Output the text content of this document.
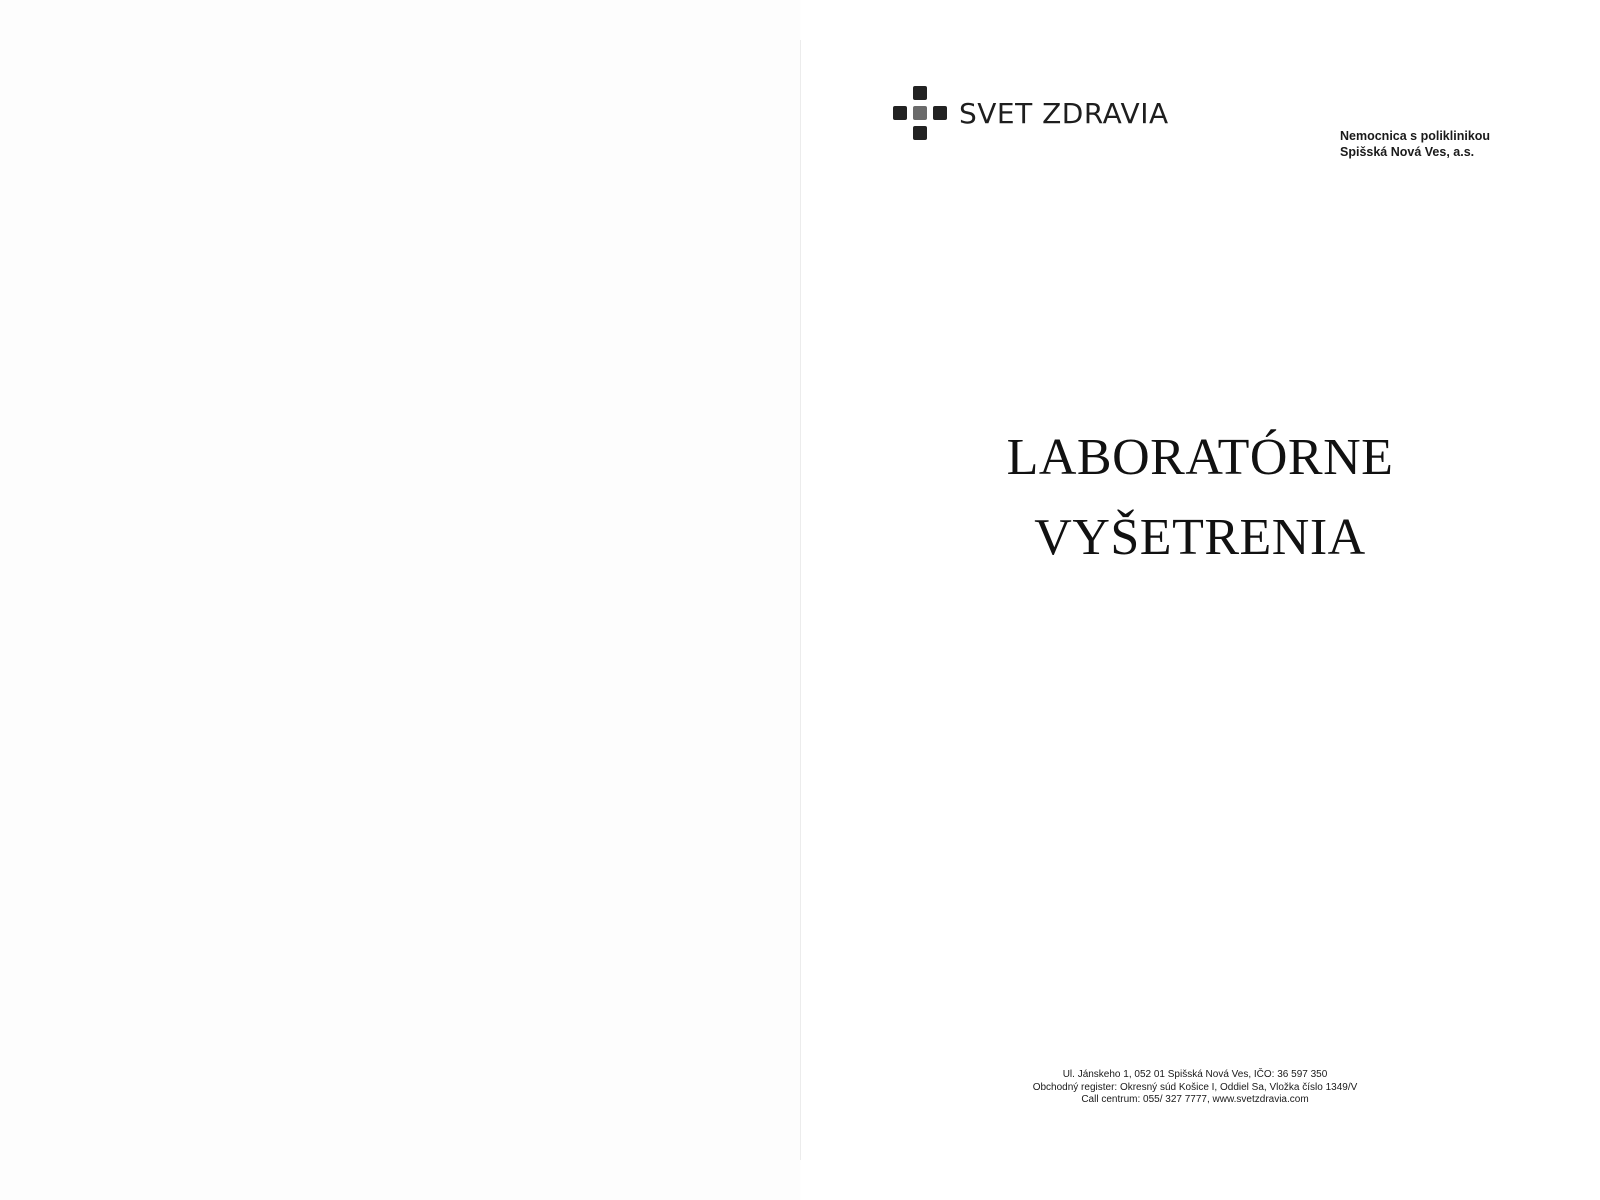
SVET ZDRAVIA
Nemocnica s poliklinikou
Spišská Nová Ves, a.s.
LABORATÓRNE
VYŠETRENIA
Ul. Jánskeho 1, 052 01 Spišská Nová Ves, IČO: 36 597 350
Obchodný register: Okresný súd Košice I, Oddiel Sa, Vložka číslo 1349/V
Call centrum: 055/ 327 7777, www.svetzdravia.com
